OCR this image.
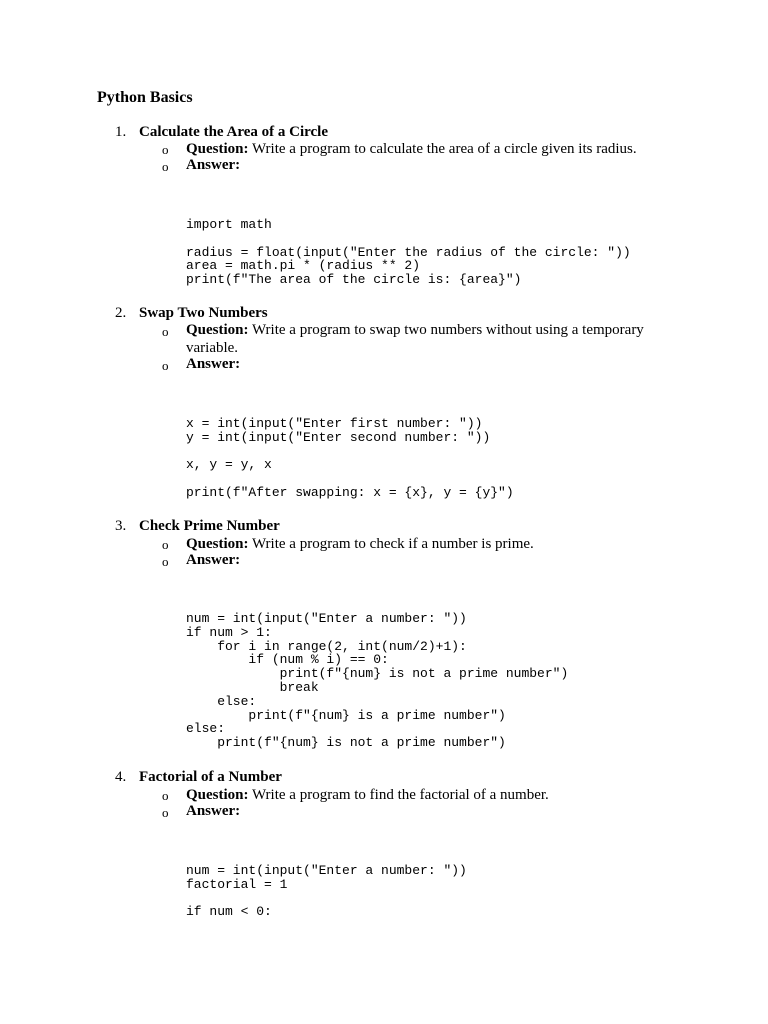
Python Basics
1. Calculate the Area of a Circle
o Question: Write a program to calculate the area of a circle given its radius.
o Answer:
import math

radius = float(input("Enter the radius of the circle: "))
area = math.pi * (radius ** 2)
print(f"The area of the circle is: {area}")
2. Swap Two Numbers
o Question: Write a program to swap two numbers without using a temporary variable.
o Answer:
x = int(input("Enter first number: "))
y = int(input("Enter second number: "))

x, y = y, x

print(f"After swapping: x = {x}, y = {y}")
3. Check Prime Number
o Question: Write a program to check if a number is prime.
o Answer:
num = int(input("Enter a number: "))
if num > 1:
for i in range(2, int(num/2)+1):
if (num % i) == 0:
print(f"{num} is not a prime number")
break
else:
print(f"{num} is a prime number")
else:
print(f"{num} is not a prime number")
4. Factorial of a Number
o Question: Write a program to find the factorial of a number.
o Answer:
num = int(input("Enter a number: "))
factorial = 1

if num < 0:
